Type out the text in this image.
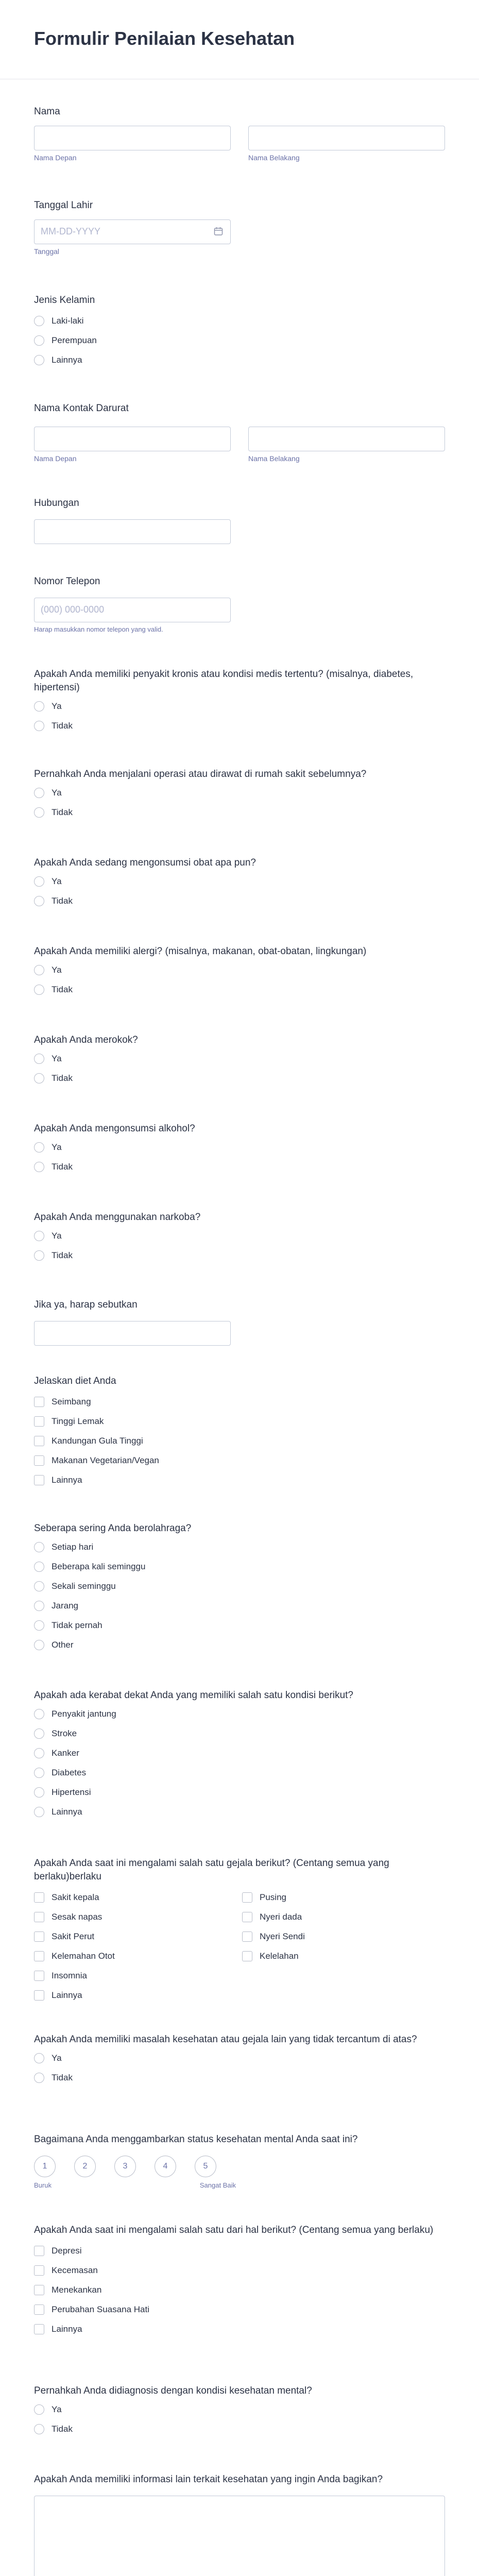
Formulir Penilaian Kesehatan
Nama
Nama Depan	Nama Belakang
Tanggal Lahir
MM-DD-YYYY
Tanggal
Jenis Kelamin
Laki-laki
Perempuan
Lainnya
Nama Kontak Darurat
Nama Depan	Nama Belakang
Hubungan
Nomor Telepon
(000) 000-0000
Harap masukkan nomor telepon yang valid.
Apakah Anda memiliki penyakit kronis atau kondisi medis tertentu? (misalnya, diabetes, hipertensi)
Ya
Tidak
Pernahkah Anda menjalani operasi atau dirawat di rumah sakit sebelumnya?
Ya
Tidak
Apakah Anda sedang mengonsumsi obat apa pun?
Ya
Tidak
Apakah Anda memiliki alergi? (misalnya, makanan, obat-obatan, lingkungan)
Ya
Tidak
Apakah Anda merokok?
Ya
Tidak
Apakah Anda mengonsumsi alkohol?
Ya
Tidak
Apakah Anda menggunakan narkoba?
Ya
Tidak
Jika ya, harap sebutkan
Jelaskan diet Anda
Seimbang
Tinggi Lemak
Kandungan Gula Tinggi
Makanan Vegetarian/Vegan
Lainnya
Seberapa sering Anda berolahraga?
Setiap hari
Beberapa kali seminggu
Sekali seminggu
Jarang
Tidak pernah
Other
Apakah ada kerabat dekat Anda yang memiliki salah satu kondisi berikut?
Penyakit jantung
Stroke
Kanker
Diabetes
Hipertensi
Lainnya
Apakah Anda saat ini mengalami salah satu gejala berikut? (Centang semua yang berlaku)berlaku
Sakit kepala
Sesak napas
Sakit Perut
Kelemahan Otot
Insomnia
Lainnya
Pusing
Nyeri dada
Nyeri Sendi
Kelelahan
Apakah Anda memiliki masalah kesehatan atau gejala lain yang tidak tercantum di atas?
Ya
Tidak
Bagaimana Anda menggambarkan status kesehatan mental Anda saat ini?
1	2	3	4	5
Buruk	Sangat Baik
Apakah Anda saat ini mengalami salah satu dari hal berikut? (Centang semua yang berlaku)
Depresi
Kecemasan
Menekankan
Perubahan Suasana Hati
Lainnya
Pernahkah Anda didiagnosis dengan kondisi kesehatan mental?
Ya
Tidak
Apakah Anda memiliki informasi lain terkait kesehatan yang ingin Anda bagikan?
